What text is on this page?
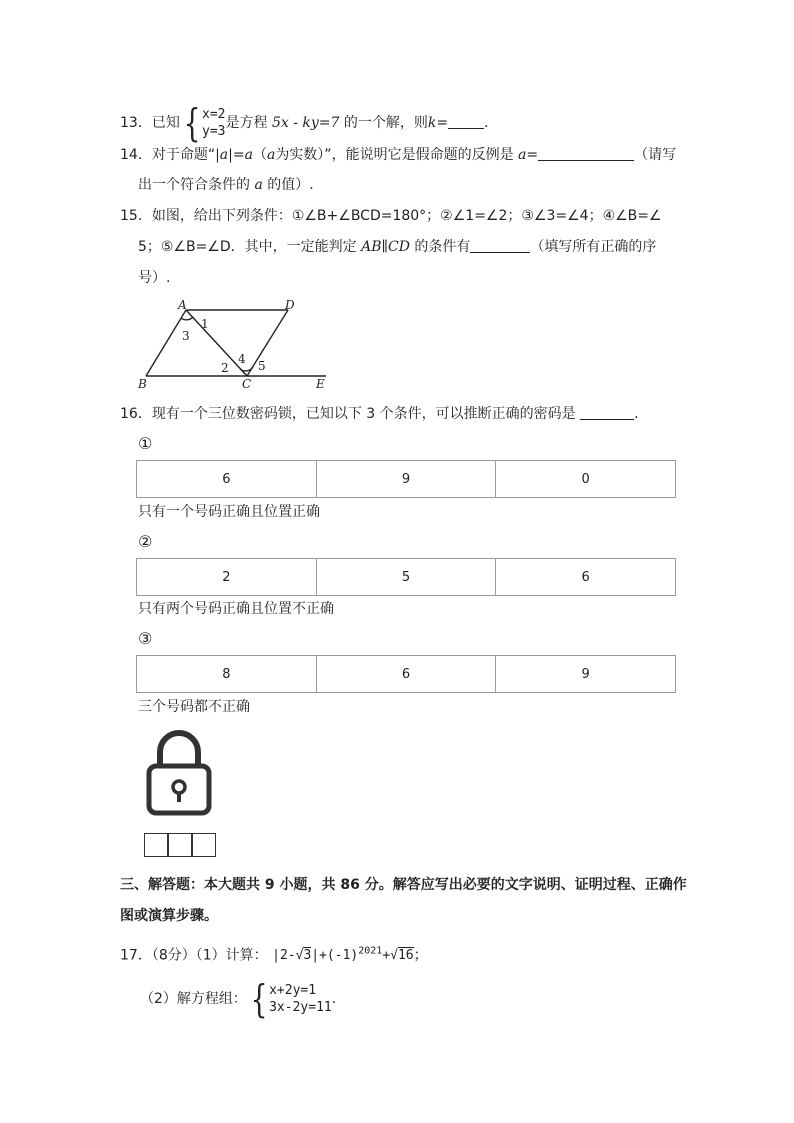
13．已知 { x=2
y=3
是方程 5x - ky=7 的一个解，则k=	．
14．对于命题“|a|=a（a为实数）”，能说明它是假命题的反例是 a=	（请写
出一个符合条件的 a 的值）.
15．如图，给出下列条件：①∠B+∠BCD=180°；②∠1=∠2；③∠3=∠4；④∠B=∠
5；⑤∠B=∠D．其中，一定能判定 AB∥CD 的条件有	（填写所有正确的序
号）.
A	D
B	C	E
1
2
3
4 5
16．现有一个三位数密码锁，已知以下 3 个条件，可以推断正确的密码是	．
①
6	9	0
只有一个号码正确且位置正确
②
2	5	6
只有两个号码正确且位置不正确
③
8	6	9
三个号码都不正确
三、解答题：本大题共 9 小题，共 86 分。解答应写出必要的文字说明、证明过程、正确作
图或演算步骤。
17．（8分）（1）计算： $|2-√3|+(-1)^{2021}+√16$；
（2）解方程组： { x+2y=1
3x-2y=11
.
